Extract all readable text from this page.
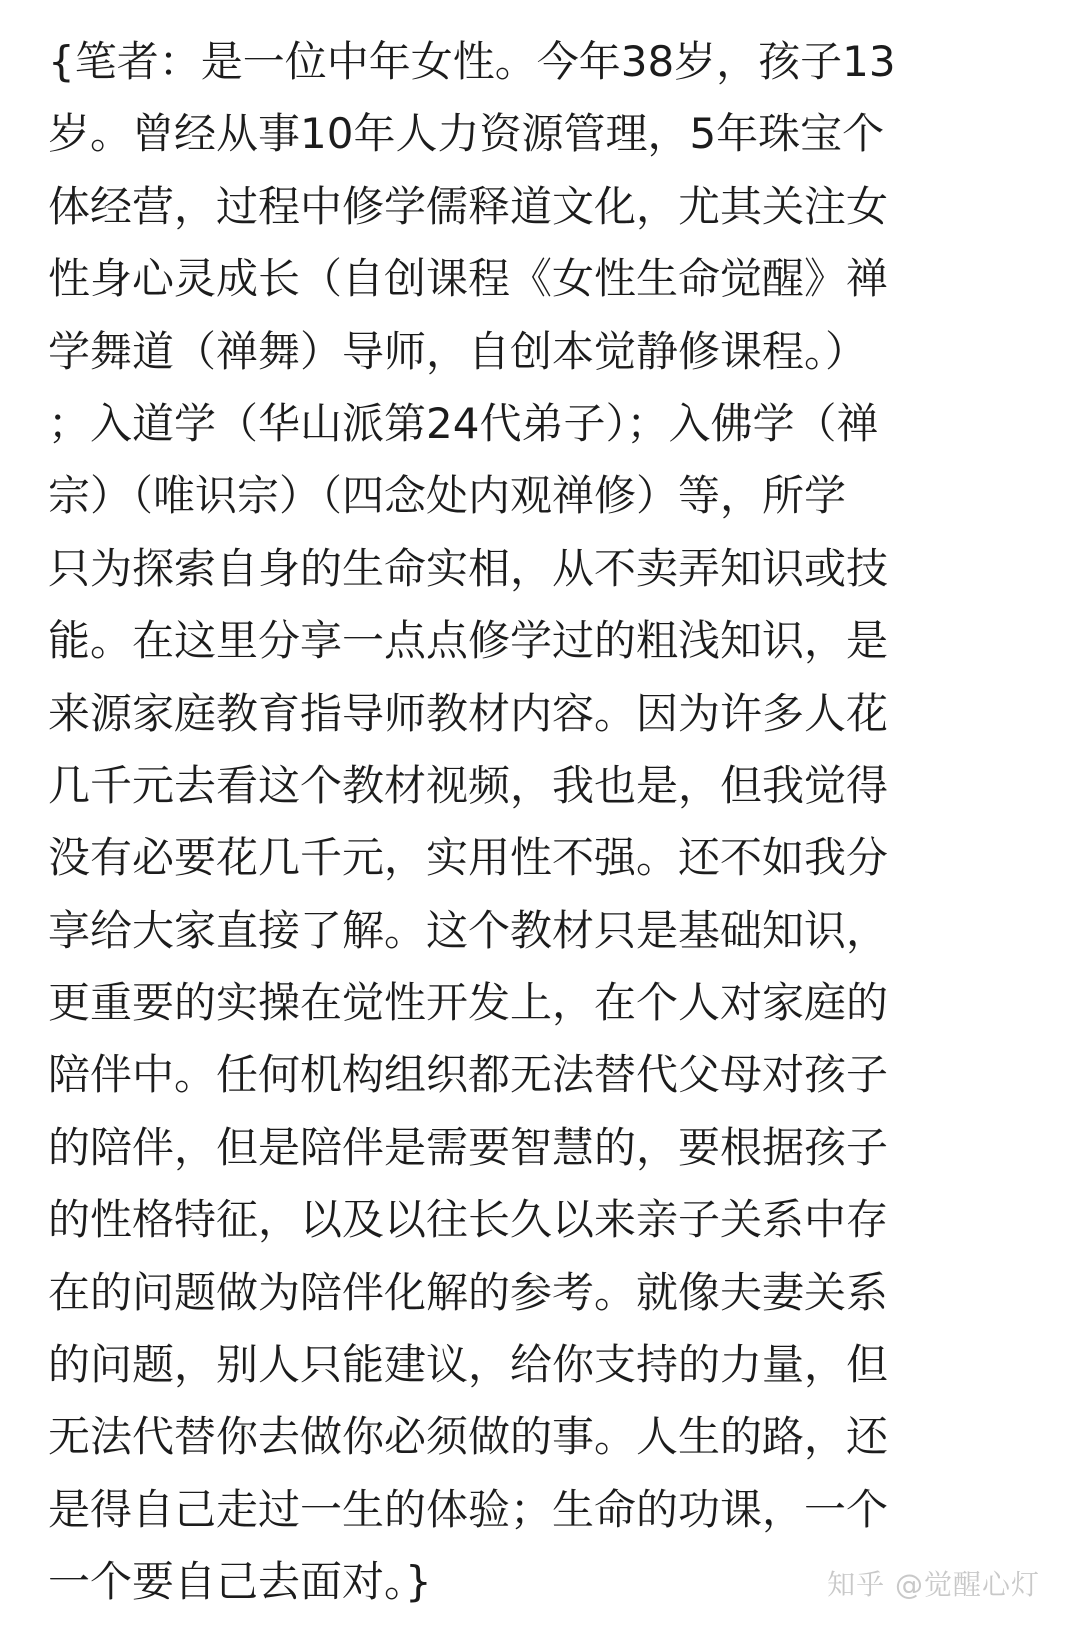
{笔者：是一位中年女性。今年38岁，孩子13
岁。曾经从事10年人力资源管理，5年珠宝个
体经营，过程中修学儒释道文化，尤其关注女
性身心灵成长（自创课程《女性生命觉醒》禅
学舞道（禅舞）导师，自创本觉静修课程。）
；入道学（华山派第24代弟子）；入佛学（禅
宗）（唯识宗）（四念处内观禅修）等，所学
只为探索自身的生命实相，从不卖弄知识或技
能。在这里分享一点点修学过的粗浅知识，是
来源家庭教育指导师教材内容。因为许多人花
几千元去看这个教材视频，我也是，但我觉得
没有必要花几千元，实用性不强。还不如我分
享给大家直接了解。这个教材只是基础知识，
更重要的实操在觉性开发上，在个人对家庭的
陪伴中。任何机构组织都无法替代父母对孩子
的陪伴，但是陪伴是需要智慧的，要根据孩子
的性格特征，以及以往长久以来亲子关系中存
在的问题做为陪伴化解的参考。就像夫妻关系
的问题，别人只能建议，给你支持的力量，但
无法代替你去做你必须做的事。人生的路，还
是得自己走过一生的体验；生命的功课，一个
一个要自己去面对。}	知乎 @觉醒心灯
